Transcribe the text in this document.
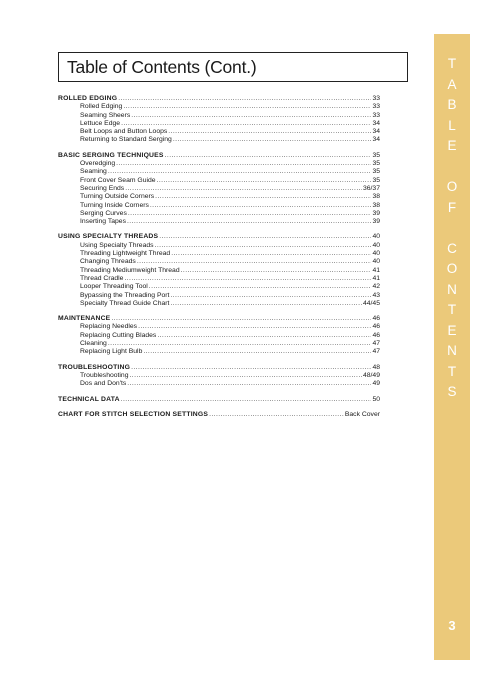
Table of Contents (Cont.)
ROLLED EDGING .....	33
Rolled Edging .....	33
Seaming Sheers .....	33
Lettuce Edge .....	34
Belt Loops and Button Loops .....	34
Returning to Standard Serging .....	34
BASIC SERGING TECHNIQUES .....	35
Overedging .....	35
Seaming .....	35
Front Cover Seam Guide .....	35
Securing Ends .....	36/37
Turning Outside Corners .....	38
Turning Inside Corners .....	38
Serging Curves .....	39
Inserting Tapes .....	39
USING SPECIALTY THREADS .....	40
Using Specialty Threads .....	40
Threading Lightweight Thread .....	40
Changing Threads .....	40
Threading Mediumweight Thread .....	41
Thread Cradle .....	41
Looper Threading Tool .....	42
Bypassing the Threading Port .....	43
Specialty Thread Guide Chart .....	44/45
MAINTENANCE .....	46
Replacing Needles .....	46
Replacing Cutting Blades .....	46
Cleaning .....	47
Replacing Light Bulb .....	47
TROUBLESHOOTING .....	48
Troubleshooting .....	48/49
Dos and Don'ts .....	49
TECHNICAL DATA .....	50
CHART FOR STITCH SELECTION SETTINGS .....	Back Cover
T
A
B
L
E
O
F
C
O
N
T
E
N
T
S
3
